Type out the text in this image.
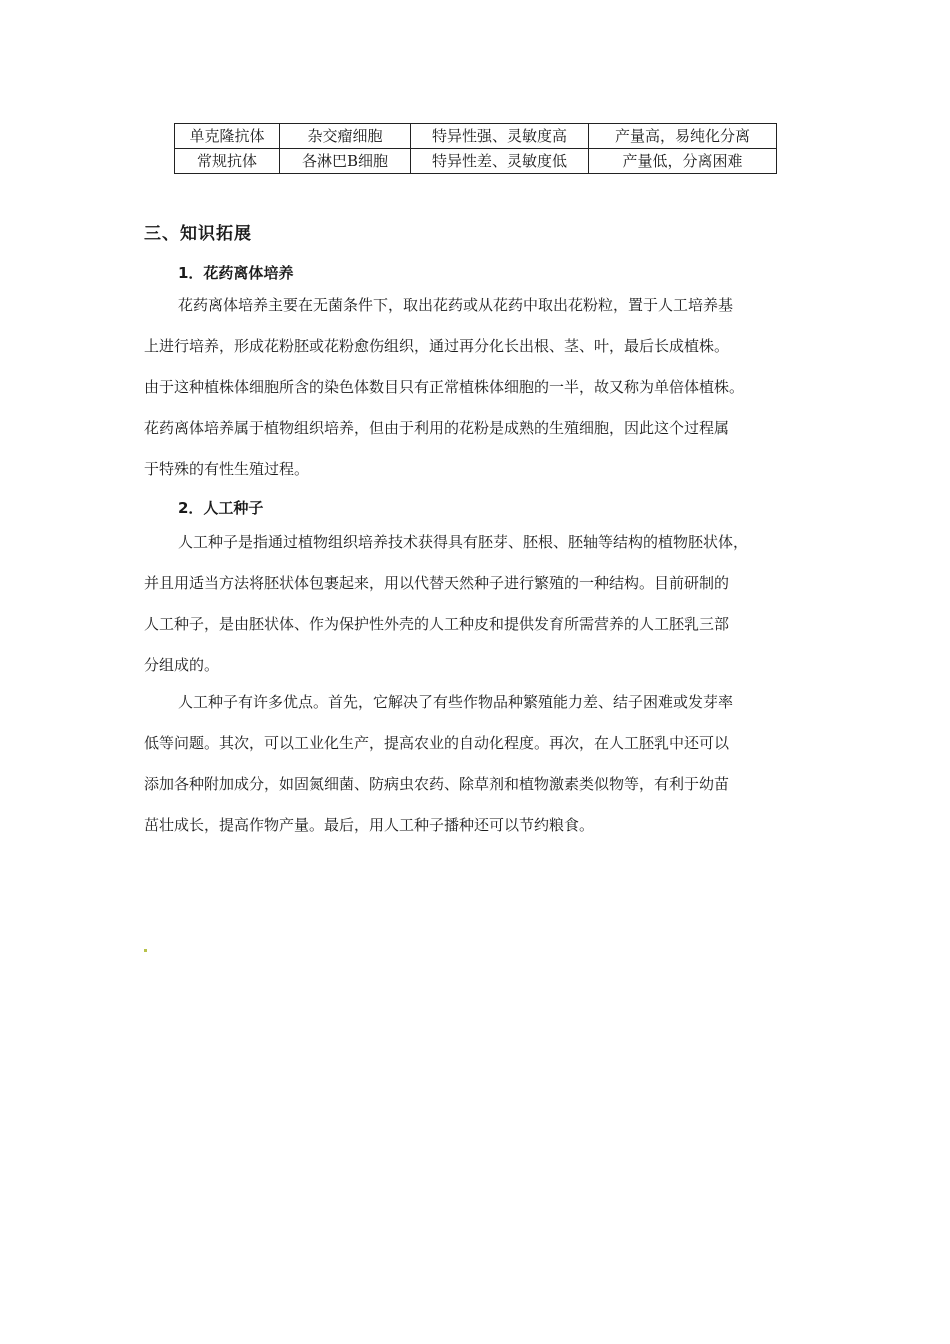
单克隆抗体	杂交瘤细胞	特异性强、灵敏度高	产量高，易纯化分离
常规抗体	各淋巴B细胞	特异性差、灵敏度低	产量低，分离困难
三、知识拓展
1．花药离体培养
花药离体培养主要在无菌条件下，取出花药或从花药中取出花粉粒，置于人工培养基
上进行培养，形成花粉胚或花粉愈伤组织，通过再分化长出根、茎、叶，最后长成植株。
由于这种植株体细胞所含的染色体数目只有正常植株体细胞的一半，故又称为单倍体植株。
花药离体培养属于植物组织培养，但由于利用的花粉是成熟的生殖细胞，因此这个过程属
于特殊的有性生殖过程。
2．人工种子
人工种子是指通过植物组织培养技术获得具有胚芽、胚根、胚轴等结构的植物胚状体，
并且用适当方法将胚状体包裹起来，用以代替天然种子进行繁殖的一种结构。目前研制的
人工种子，是由胚状体、作为保护性外壳的人工种皮和提供发育所需营养的人工胚乳三部
分组成的。
人工种子有许多优点。首先，它解决了有些作物品种繁殖能力差、结子困难或发芽率
低等问题。其次，可以工业化生产，提高农业的自动化程度。再次，在人工胚乳中还可以
添加各种附加成分，如固氮细菌、防病虫农药、除草剂和植物激素类似物等，有利于幼苗
茁壮成长，提高作物产量。最后，用人工种子播种还可以节约粮食。
